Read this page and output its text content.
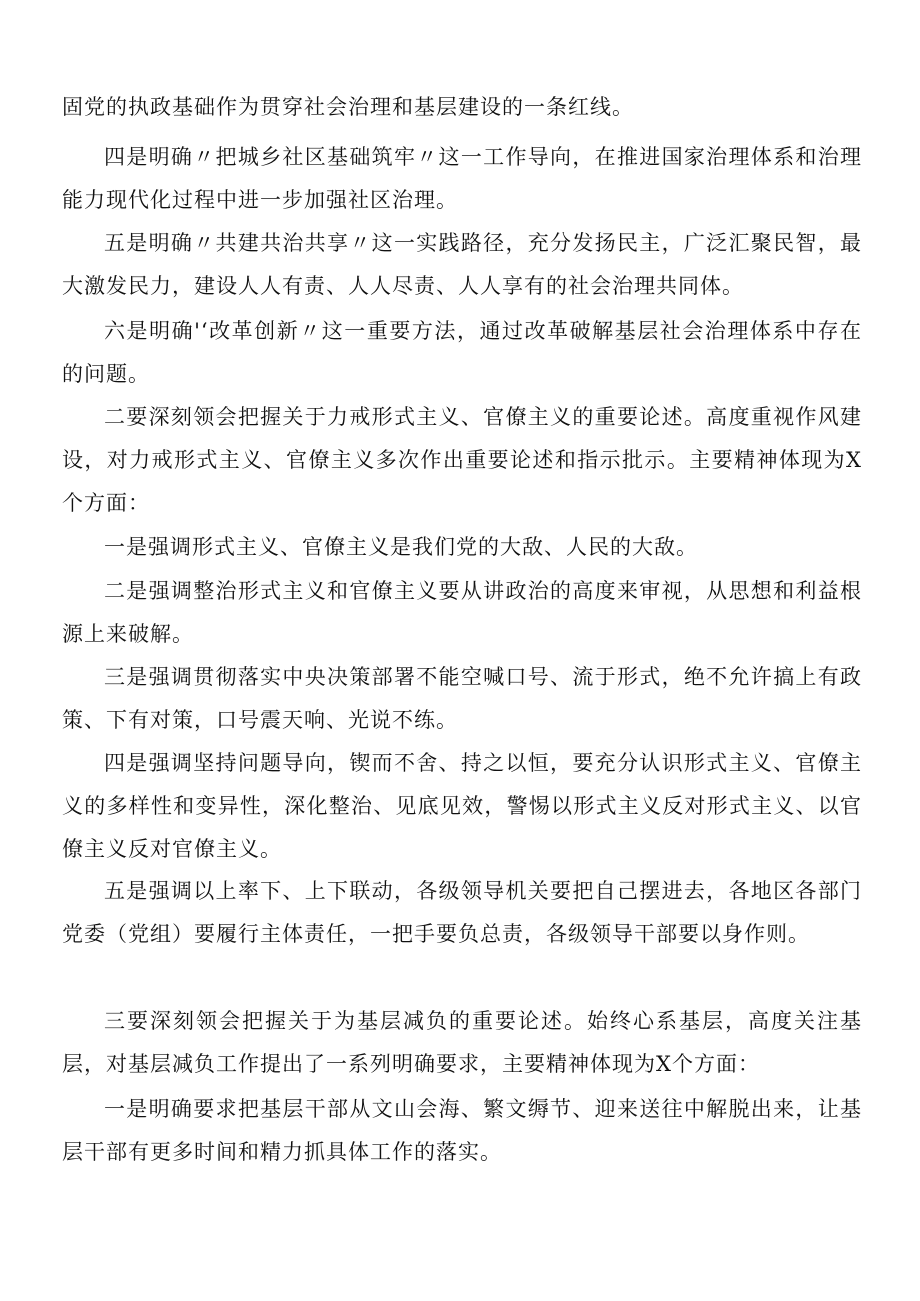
固党的执政基础作为贯穿社会治理和基层建设的一条红线。

四是明确〃把城乡社区基础筑牢〃这一工作导向，在推进国家治理体系和治理能力现代化过程中进一步加强社区治理。

五是明确〃共建共治共享〃这一实践路径，充分发扬民主，广泛汇聚民智，最大激发民力，建设人人有责、人人尽责、人人享有的社会治理共同体。

六是明确'‘改革创新〃这一重要方法，通过改革破解基层社会治理体系中存在的问题。

二要深刻领会把握关于力戒形式主义、官僚主义的重要论述。高度重视作风建设，对力戒形式主义、官僚主义多次作出重要论述和指示批示。主要精神体现为X个方面：

一是强调形式主义、官僚主义是我们党的大敌、人民的大敌。

二是强调整治形式主义和官僚主义要从讲政治的高度来审视，从思想和利益根源上来破解。

三是强调贯彻落实中央决策部署不能空喊口号、流于形式，绝不允许搞上有政策、下有对策，口号震天响、光说不练。

四是强调坚持问题导向，锲而不舍、持之以恒，要充分认识形式主义、官僚主义的多样性和变异性，深化整治、见底见效，警惕以形式主义反对形式主义、以官僚主义反对官僚主义。

五是强调以上率下、上下联动，各级领导机关要把自己摆进去，各地区各部门党委（党组）要履行主体责任，一把手要负总责，各级领导干部要以身作则。

三要深刻领会把握关于为基层减负的重要论述。始终心系基层，高度关注基层，对基层减负工作提出了一系列明确要求，主要精神体现为X个方面：

一是明确要求把基层干部从文山会海、繁文缛节、迎来送往中解脱出来，让基层干部有更多时间和精力抓具体工作的落实。
